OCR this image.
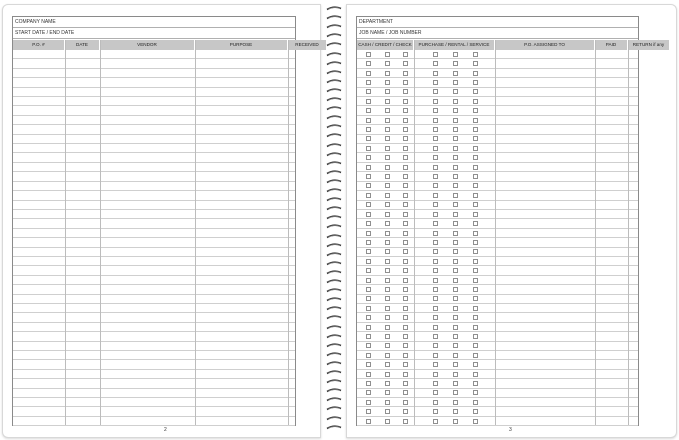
COMPANY NAME
START DATE / END DATE
P.O. #	DATE	VENDOR	PURPOSE	RECEIVED
2
DEPARTMENT
JOB NAME / JOB NUMBER
CASH / CREDIT / CHECK	PURCHASE / RENTAL / SERVICE	P.O. ASSIGNED TO	PAID	RETURN if any
3
